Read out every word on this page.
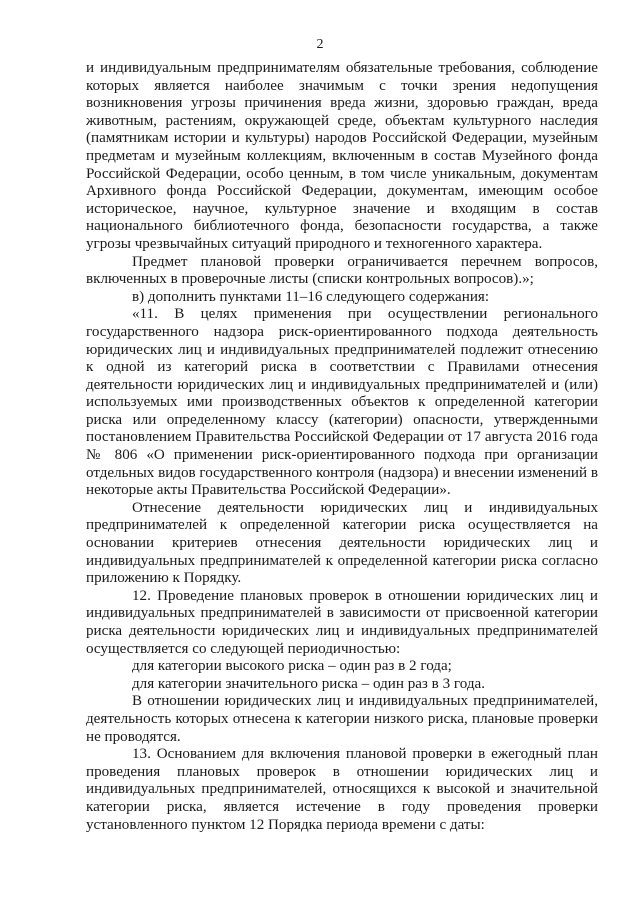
2

и индивидуальным предпринимателям обязательные требования, соблюдение которых является наиболее значимым с точки зрения недопущения возникновения угрозы причинения вреда жизни, здоровью граждан, вреда животным, растениям, окружающей среде, объектам культурного наследия (памятникам истории и культуры) народов Российской Федерации, музейным предметам и музейным коллекциям, включенным в состав Музейного фонда Российской Федерации, особо ценным, в том числе уникальным, документам Архивного фонда Российской Федерации, документам, имеющим особое историческое, научное, культурное значение и входящим в состав национального библиотечного фонда, безопасности государства, а также угрозы чрезвычайных ситуаций природного и техногенного характера.

Предмет плановой проверки ограничивается перечнем вопросов, включенных в проверочные листы (списки контрольных вопросов).»;

в) дополнить пунктами 11–16 следующего содержания:

«11. В целях применения при осуществлении регионального государственного надзора риск-ориентированного подхода деятельность юридических лиц и индивидуальных предпринимателей подлежит отнесению к одной из категорий риска в соответствии с Правилами отнесения деятельности юридических лиц и индивидуальных предпринимателей и (или) используемых ими производственных объектов к определенной категории риска или определенному классу (категории) опасности, утвержденными постановлением Правительства Российской Федерации от 17 августа 2016 года № 806 «О применении риск-ориентированного подхода при организации отдельных видов государственного контроля (надзора) и внесении изменений в некоторые акты Правительства Российской Федерации».

Отнесение деятельности юридических лиц и индивидуальных предпринимателей к определенной категории риска осуществляется на основании критериев отнесения деятельности юридических лиц и индивидуальных предпринимателей к определенной категории риска согласно приложению к Порядку.

12. Проведение плановых проверок в отношении юридических лиц и индивидуальных предпринимателей в зависимости от присвоенной категории риска деятельности юридических лиц и индивидуальных предпринимателей осуществляется со следующей периодичностью:

для категории высокого риска – один раз в 2 года;

для категории значительного риска – один раз в 3 года.

В отношении юридических лиц и индивидуальных предпринимателей, деятельность которых отнесена к категории низкого риска, плановые проверки не проводятся.

13. Основанием для включения плановой проверки в ежегодный план проведения плановых проверок в отношении юридических лиц и индивидуальных предпринимателей, относящихся к высокой и значительной категории риска, является истечение в году проведения проверки установленного пунктом 12 Порядка периода времени с даты:
